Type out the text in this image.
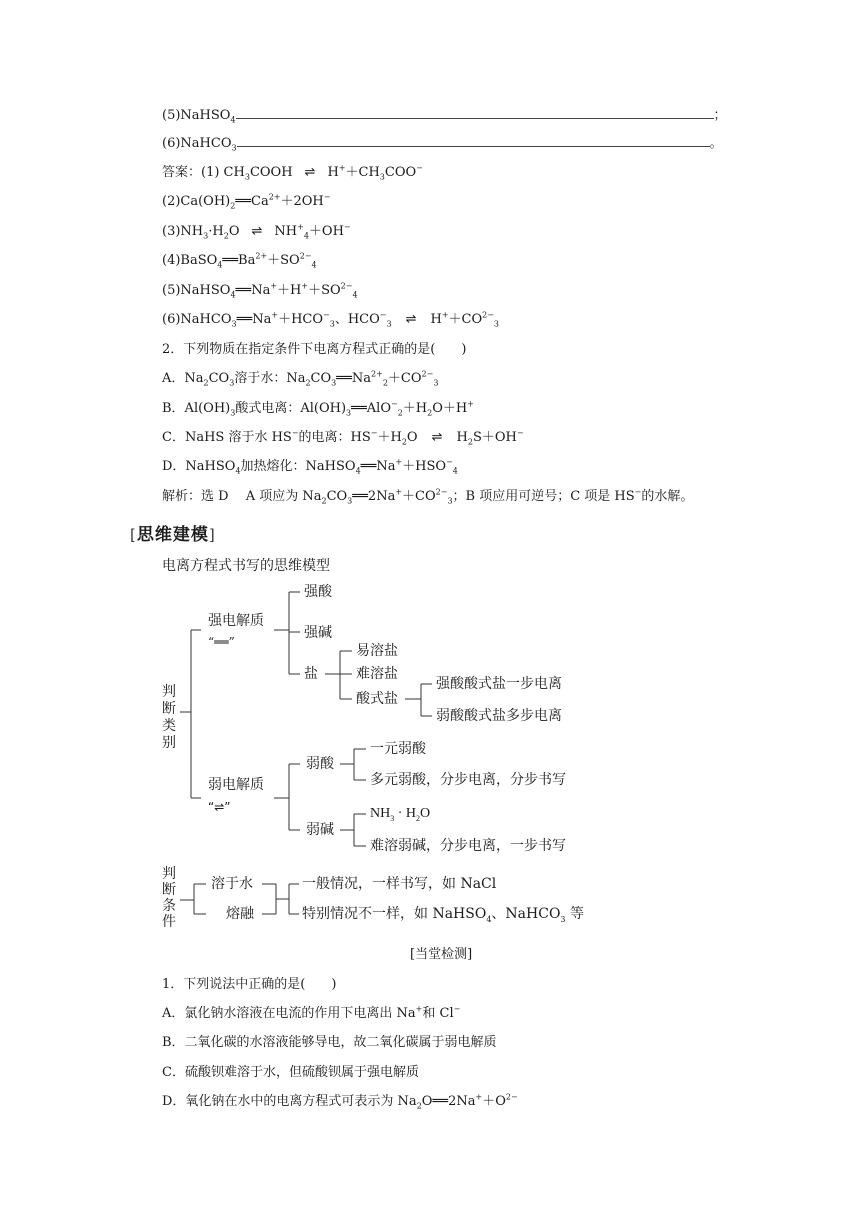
(5)NaHSO$_4$	；
(6)NaHCO$_3$	。
答案：(1) $CH_3COOH$ ⇌ $H^++CH_3COO^-$
$(2)Ca(OH)_2══Ca^{2+}+2OH^-$
$(3)NH_3\cdot H_2O$ ⇌ $NH^+_4+OH^-$
$(4)BaSO_4══Ba^{2+}+SO^{2-}_4$
$(5)NaHSO_4══Na^++H^++SO^{2-}_4$
$(6)NaHCO_3══Na^++HCO^-_3$、$HCO^-_3$ ⇌ $H^++CO^{2-}_3$
2．下列物质在指定条件下电离方程式正确的是(　　)
A．$Na_2CO_3$溶于水：$Na_2CO_3══Na^{2+}_2+CO^{2-}_3$
B．$Al(OH)_3$酸式电离：$Al(OH)_3══AlO^-_2+H_2O+H^+$
C．NaHS 溶于水 HS−的电离：$HS^-+H_2O$ ⇌ $H_2S+OH^-$
D．NaHSO$_4$加热熔化：$NaHSO_4══Na^++HSO^-_4$
解析：选 D　 A 项应为 $Na_2CO_3══2Na^++CO^{2-}_3$；B 项应用可逆号；C 项是 HS−的水解。
[思维建模]
电离方程式书写的思维模型
判断类别
强电解质
“══”
强酸
强碱
盐
易溶盐
难溶盐
酸式盐
强酸酸式盐一步电离
弱酸酸式盐多步电离
弱电解质
“⇌”
弱酸
一元弱酸
多元弱酸，分步电离，分步书写
弱碱
$NH_3 \cdot H_2O$
难溶弱碱，分步电离，一步书写
判断条件
溶于水
熔融
一般情况，一样书写，如 NaCl
特别情况不一样，如 NaHSO$_4$、NaHCO$_3$ 等
[当堂检测]
1．下列说法中正确的是(　　)
A．氯化钠水溶液在电流的作用下电离出 Na+和 Cl−
B．二氧化碳的水溶液能够导电，故二氧化碳属于弱电解质
C．硫酸钡难溶于水，但硫酸钡属于强电解质
D．氧化钠在水中的电离方程式可表示为 $Na_2O══2Na^++O^{2-}$
